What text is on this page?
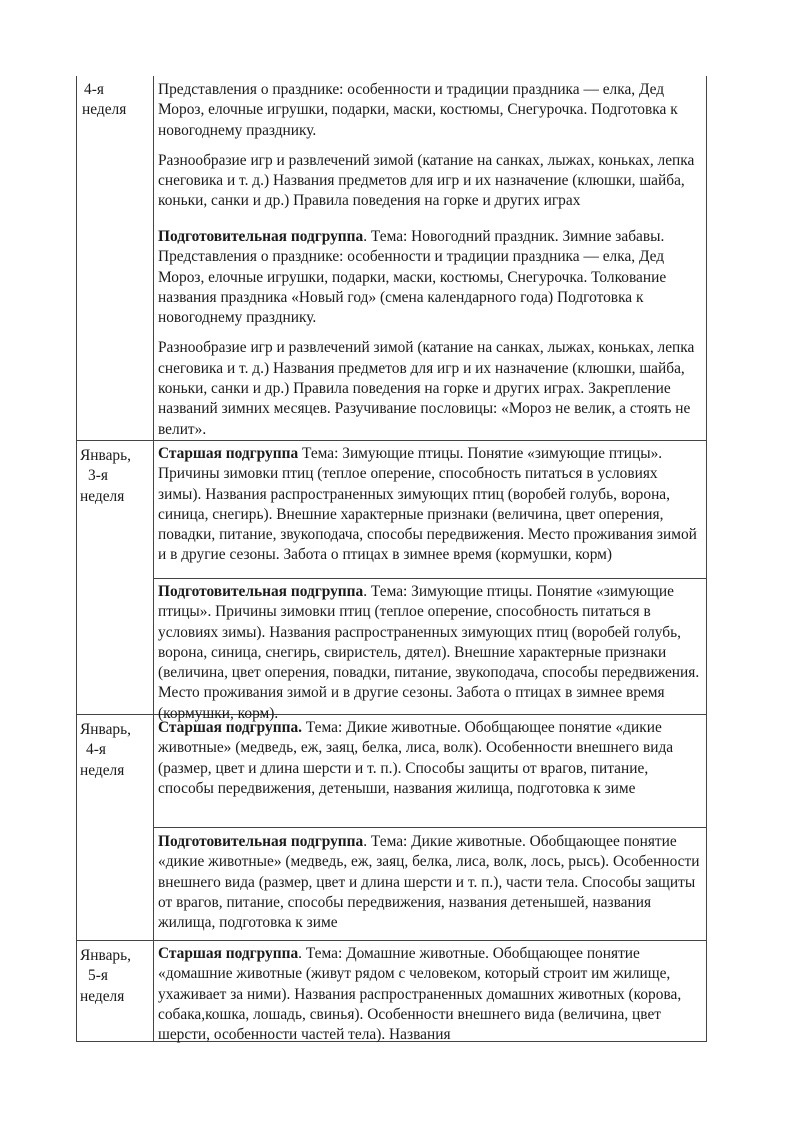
4-я
неделя

Представления о празднике: особенности и традиции праздника — елка, Дед Мороз, елочные игрушки, подарки, маски, костюмы, Снегурочка. Подготовка к новогоднему празднику.

Разнообразие игр и развлечений зимой (катание на санках, лыжах, коньках, лепка снеговика и т. д.) Названия предметов для игр и их назначение (клюшки, шайба, коньки, санки и др.) Правила поведения на горке и других играх

Подготовительная подгруппа. Тема: Новогодний праздник. Зимние забавы. Представления о празднике: особенности и традиции праздника — елка, Дед Мороз, елочные игрушки, подарки, маски, костюмы, Снегурочка. Толкование названия праздника «Новый год» (смена календарного года) Подготовка к новогоднему празднику.

Разнообразие игр и развлечений зимой (катание на санках, лыжах, коньках, лепка снеговика и т. д.) Названия предметов для игр и их назначение (клюшки, шайба, коньки, санки и др.) Правила поведения на горке и других играх. Закрепление названий зимних месяцев. Разучивание пословицы: «Мороз не велик, а стоять не велит».

Январь,
3-я
неделя

Старшая подгруппа Тема: Зимующие птицы. Понятие «зимующие птицы». Причины зимовки птиц (теплое оперение, способность питаться в условиях зимы). Названия распространенных зимующих птиц (воробей голубь, ворона, синица, снегирь). Внешние характерные признаки (величина, цвет оперения, повадки, питание, звукоподача, способы передвижения. Место проживания зимой и в другие сезоны. Забота о птицах в зимнее время (кормушки, корм)

Подготовительная подгруппа. Тема: Зимующие птицы. Понятие «зимующие птицы». Причины зимовки птиц (теплое оперение, способность питаться в условиях зимы). Названия распространенных зимующих птиц (воробей голубь, ворона, синица, снегирь, свиристель, дятел). Внешние характерные признаки (величина, цвет оперения, повадки, питание, звукоподача, способы передвижения. Место проживания зимой и в другие сезоны. Забота о птицах в зимнее время (кормушки, корм).

Январь,
4-я
неделя

Старшая подгруппа. Тема: Дикие животные. Обобщающее понятие «дикие животные» (медведь, еж, заяц, белка, лиса, волк). Особенности внешнего вида (размер, цвет и длина шерсти и т. п.). Способы защиты от врагов, питание, способы передвижения, детеныши, названия жилища, подготовка к зиме

Подготовительная подгруппа. Тема: Дикие животные. Обобщающее понятие «дикие животные» (медведь, еж, заяц, белка, лиса, волк, лось, рысь). Особенности внешнего вида (размер, цвет и длина шерсти и т. п.), части тела. Способы защиты от врагов, питание, способы передвижения, названия детенышей, названия жилища, подготовка к зиме

Январь,
5-я
неделя

Старшая подгруппа. Тема: Домашние животные. Обобщающее понятие «домашние животные (живут рядом с человеком, который строит им жилище, ухаживает за ними). Названия распространенных домашних животных (корова, собака,кошка, лошадь, свинья). Особенности внешнего вида (величина, цвет шерсти, особенности частей тела). Названия
